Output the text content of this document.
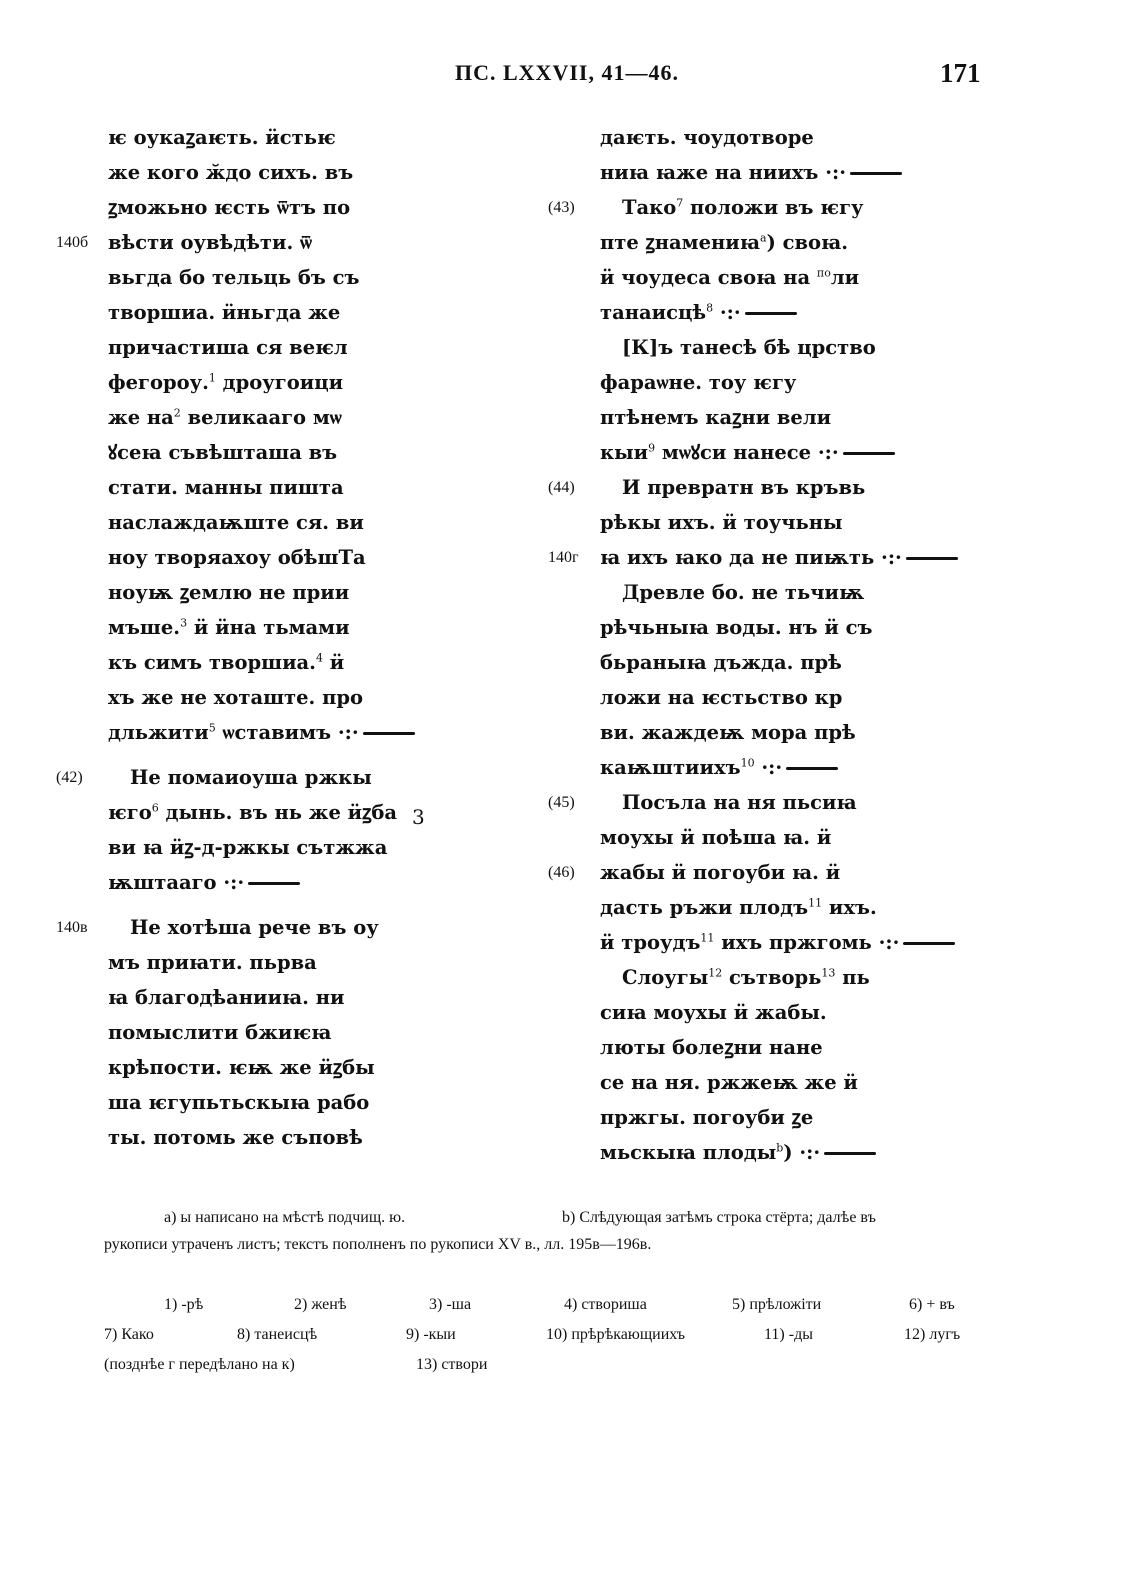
ПС. LXXVII, 41—46.	171
ѥ оукаꙁаѥть. ӥстьѥ
же кого ӂдо сихъ. въ
ꙁможьно ѥсть ѿтъ по
140б вѣсти оувѣдѣти. ѿ
вьгда бо тельць бъ съ
творшиа. ӥньгда же
причастиша ся веѥл
фегороу.$^1$ дроугоици
же $на^2$ великааго мѡ
ꙋсеꙗ съвѣшташа въ
стати. манны пишта
наслаждаѭште ся. ви
ноу творяахоу обѣшТа
ноуѭ ꙁемлю не прии
мъше.$^3$ ӥ ӥна тьмами
къ симъ творшиа.$^4$ ӥ
хъ же не хоташте. про
дльжити$^5$ ѡставимъ ·:·
(42) Не помаиоуша ржкы
ѥго$^6$ дынь. въ нь же ӥꙁба
ви ꙗ ӥꙁ-д-ржкы сътжжа
ѭштааго ·:·
140в Не хотѣша рече въ оу
мъ приꙗти. пьрва
ꙗ благодѣанииꙗ. ни
помыслити бжиѥꙗ
крѣпости. ѥѭ же ӥꙁбы
ша ѥгупьтьскыꙗ рабо
ты. потомь же съповѣ
3
даѥть. чоудотворе
ниꙗ ꙗже на ниихъ ·:·
(43) Тако$^7$ положи въ ѥгу
пте ꙁнамениꙗ$^a$) своꙗ.
ӥ чоудеса своꙗ на $^{по}$ли
танаисцѣ$^8$ ·:·
[К]ъ танесѣ бѣ црство
фараѡне. тоу ѥгу
птѣнемъ каꙁни вели
кыи$^9$ мѡꙋси нанесе ·:·
(44) И превратн въ кръвь
рѣкы ихъ. ӥ тоучьны
140г ꙗ ихъ ꙗко да не пиѭть ·:·
Древле бо. не тьчиѭ
рѣчьныꙗ воды. нъ ӥ съ
бьраныꙗ дъжда. прѣ
ложи на ѥстьство кр
ви. жаждеѭ мора прѣ
каѭштиихъ$^{10}$ ·:·
(45) Посъла на ня пьсиꙗ
моухы ӥ поѣша ꙗ. ӥ
(46) жабы ӥ погоуби ꙗ. ӥ
дасть ръжи плодъ$^{11}$ ихъ.
ӥ троудъ$^{11}$ ихъ пржгомь ·:·
Слоугы$^{12}$ сътворь$^{13}$ пь
сиꙗ моухы ӥ жабы.
люты болеꙁни нане
се на ня. ржжеѭ же ӥ
пржгы. погоуби ꙁе
мьскыꙗ плоды$^b$) ·:·
a) ы написано на мѣстѣ подчищ. ю.	b) Слѣдующая затѣмъ строка стёрта; далѣе въ
рукописи утраченъ листъ; текстъ пополненъ по рукописи XV в., лл. 195в—196в.
1) -рѣ	2) женѣ	3) -ша	4) створиша	5) прѣложіти	6) + въ
7) Како	8) танеисцѣ	9) -кыи	10) прѣрѣкающиихъ	11) -ды	12) лугъ
(позднѣе г передѣлано на к)	13) створи
